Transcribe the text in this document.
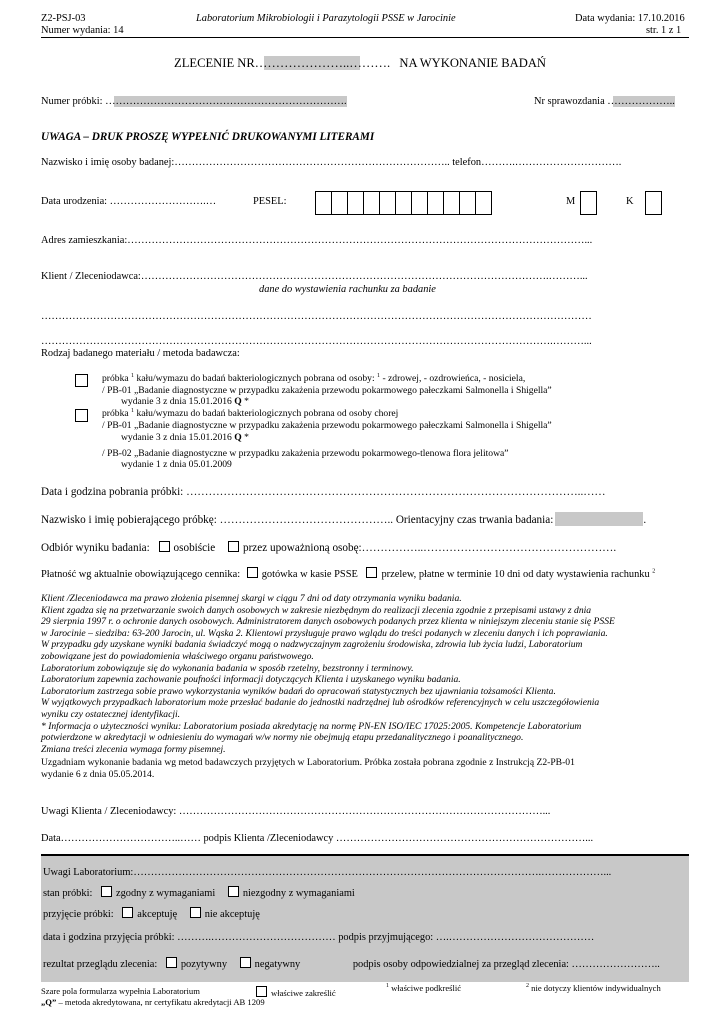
Z2-PSJ-03	Laboratorium Mikrobiologii i Parazytologii PSSE w Jarocinie	Data wydania: 17.10.2016
Numer wydania: 14	str. 1 z 1
ZLECENIE NR…………………..………. NA WYKONANIE BADAŃ
Numer próbki: …………………………………………………………….	Nr sprawozdania ………………..
UWAGA – DRUK PROSZĘ WYPEŁNIĆ DRUKOWANYMI LITERAMI
Nazwisko i imię osoby badanej:…………………………………………………………………….. telefon……….………………………….
Data urodzenia: ……………………….…	PESEL:	M	K
Adres zamieszkania:……………………………………………………………………………………………………………………...
Klient / Zleceniodawca:……………………………………………………………………………………………………….………...
dane do wystawienia rachunku za badanie
……………………………………………………………………………………………………………………………………………
………………………………………………………………………………………………………………………………….………...
Rodzaj badanego materiału / metoda badawcza:
próbka $^1$ kału/wymazu do badań bakteriologicznych pobrana od osoby: $^1$ - zdrowej, - ozdrowieńca, - nosiciela,
/ PB-01 „Badanie diagnostyczne w przypadku zakażenia przewodu pokarmowego pałeczkami Salmonella i Shigella”
wydanie 3 z dnia 15.01.2016 Q *
próbka $^1$ kału/wymazu do badań bakteriologicznych pobrana od osoby chorej
/ PB-01 „Badanie diagnostyczne w przypadku zakażenia przewodu pokarmowego pałeczkami Salmonella i Shigella”
wydanie 3 z dnia 15.01.2016 Q *
/ PB-02 „Badanie diagnostyczne w przypadku zakażenia przewodu pokarmowego-tlenowa flora jelitowa”
wydanie 1 z dnia 05.01.2009
Data i godzina pobrania próbki: ……………………………………………………………………………………………..……
Nazwisko i imię pobierającego próbkę: ……………………………………….. Orientacyjny czas trwania badania:	.
Odbiór wyniku badania: osobiście przez upoważnioną osobę:……………..…………………………………………….
Płatność wg aktualnie obowiązującego cennika: gotówka w kasie PSSE przelew, płatne w terminie 10 dni od daty wystawienia rachunku $^2$
Klient /Zleceniodawca ma prawo złożenia pisemnej skargi w ciągu 7 dni od daty otrzymania wyniku badania.
Klient zgadza się na przetwarzanie swoich danych osobowych w zakresie niezbędnym do realizacji zlecenia zgodnie z przepisami ustawy z dnia
29 sierpnia 1997 r. o ochronie danych osobowych. Administratorem danych osobowych podanych przez klienta w niniejszym zleceniu stanie się PSSE
w Jarocinie – siedziba: 63-200 Jarocin, ul. Wąska 2. Klientowi przysługuje prawo wglądu do treści podanych w zleceniu danych i ich poprawiania.
W przypadku gdy uzyskane wyniki badania świadczyć mogą o nadzwyczajnym zagrożeniu środowiska, zdrowia lub życia ludzi, Laboratorium
zobowiązane jest do powiadomienia właściwego organu państwowego.
Laboratorium zobowiązuje się do wykonania badania w sposób rzetelny, bezstronny i terminowy.
Laboratorium zapewnia zachowanie poufności informacji dotyczących Klienta i uzyskanego wyniku badania.
Laboratorium zastrzega sobie prawo wykorzystania wyników badań do opracowań statystycznych bez ujawniania tożsamości Klienta.
W wyjątkowych przypadkach laboratorium może przesłać badanie do jednostki nadrzędnej lub ośrodków referencyjnych w celu uszczegółowienia
wyniku czy ostatecznej identyfikacji.
* Informacja o użyteczności wyniku: Laboratorium posiada akredytację na normę PN-EN ISO/IEC 17025:2005. Kompetencje Laboratorium
potwierdzone w akredytacji w odniesieniu do wymagań w/w normy nie obejmują etapu przedanalitycznego i poanalitycznego.
Zmiana treści zlecenia wymaga formy pisemnej.
Uzgadniam wykonanie badania wg metod badawczych przyjętych w Laboratorium. Próbka została pobrana zgodnie z Instrukcją Z2-PB-01
wydanie 6 z dnia 05.05.2014.
Uwagi Klienta / Zleceniodawcy: ……………………………………………………………………………………………...
Data……………………………..…… podpis Klienta /Zleceniodawcy ………………………………………………………………...
Uwagi Laboratorium:……………………………………………………………………………………………………….………………...
stan próbki: zgodny z wymaganiami	niezgodny z wymaganiami
przyjęcie próbki: akceptuję	nie akceptuję
data i godzina przyjęcia próbki: ……….……………………………… podpis przyjmującego: ….……………………………………
rezultat przeglądu zlecenia: pozytywny	negatywny	podpis osoby odpowiedzialnej za przegląd zlecenia: ……………………..
Szare pola formularza wypełnia Laboratorium	właściwe zakreślić
$^1$ właściwe podkreślić	$^2$ nie dotyczy klientów indywidualnych
„Q” – metoda akredytowana, nr certyfikatu akredytacji AB 1209
